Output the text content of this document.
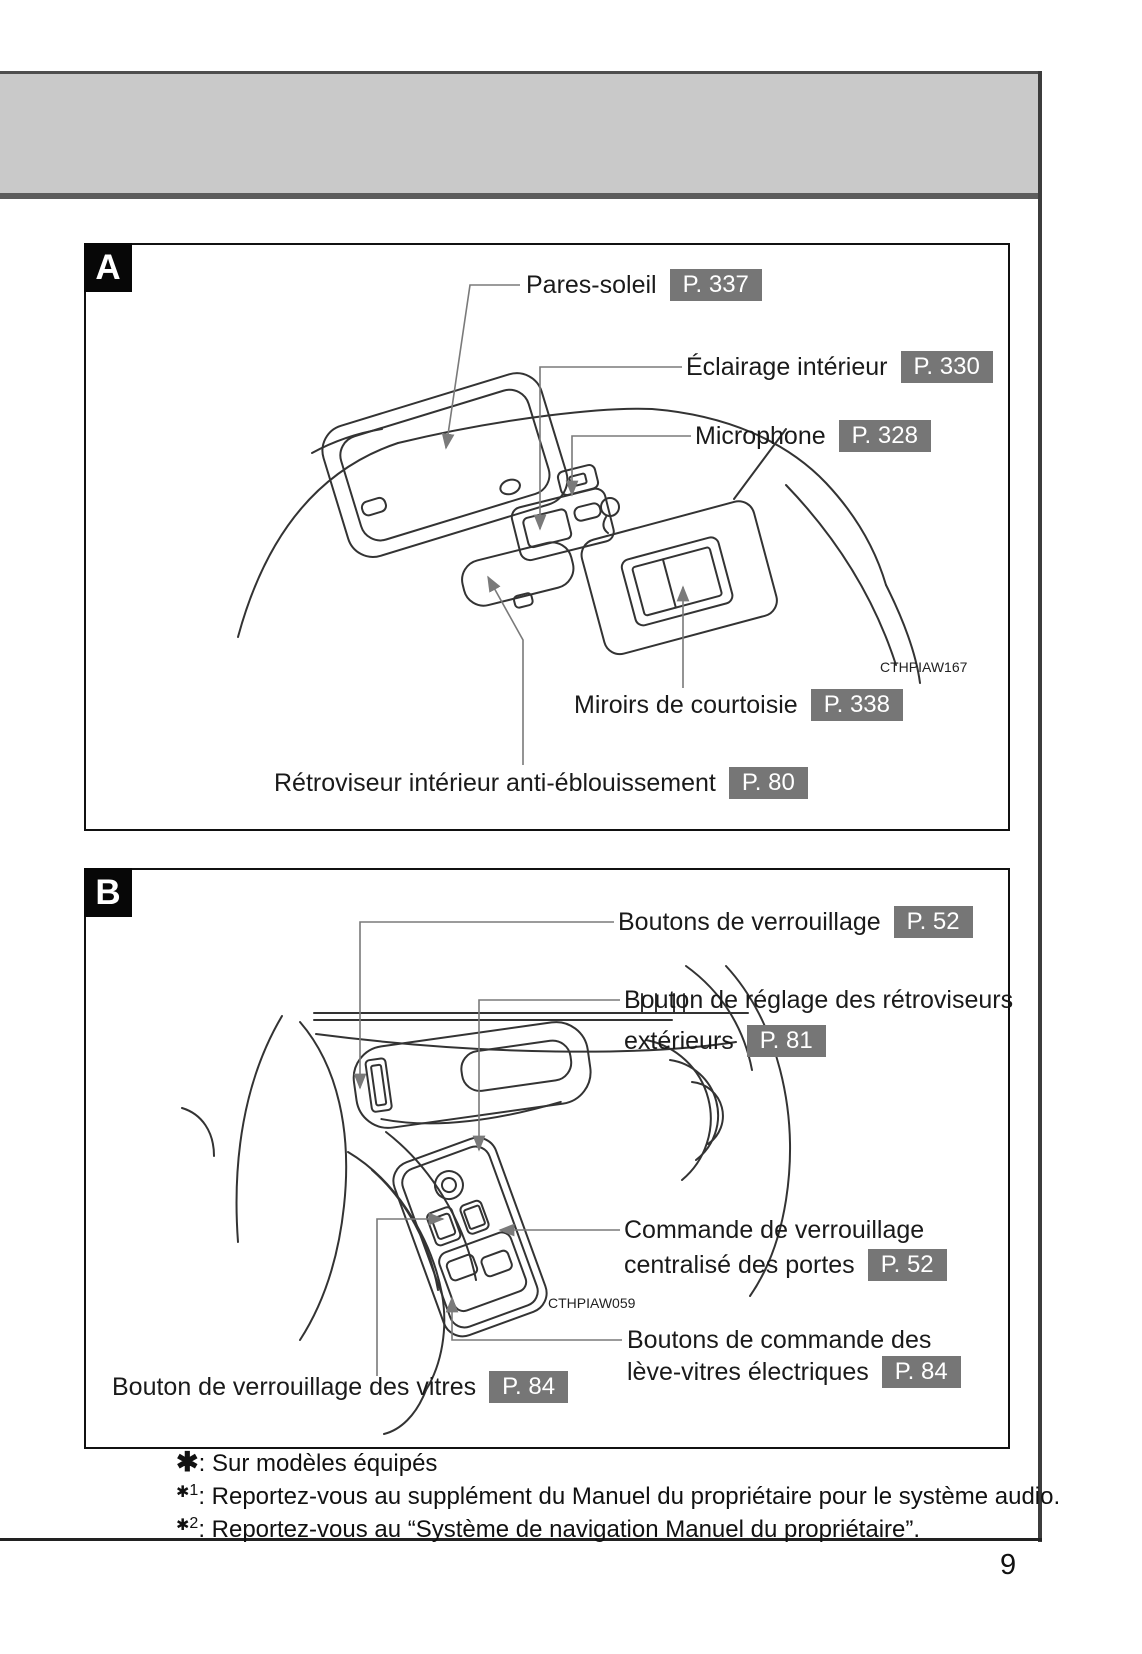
A	Pares-soleil	P. 337
Éclairage intérieur	P. 330
Microphone	P. 328
CTHPIAW167
Miroirs de courtoisie	P. 338
Rétroviseur intérieur anti-éblouissement	P. 80
B
Boutons de verrouillage	P. 52
Bouton de réglage des rétroviseurs
extérieurs	P. 81
Commande de verrouillage
centralisé des portes	P. 52
CTHPIAW059
Boutons de commande des
lève-vitres électriques	P. 84
Bouton de verrouillage des vitres	P. 84
✱: Sur modèles équipés
$^{✱1}$: Reportez-vous au supplément du Manuel du propriétaire pour le système audio.
$^{✱2}$: Reportez-vous au “Système de navigation Manuel du propriétaire”.
9
